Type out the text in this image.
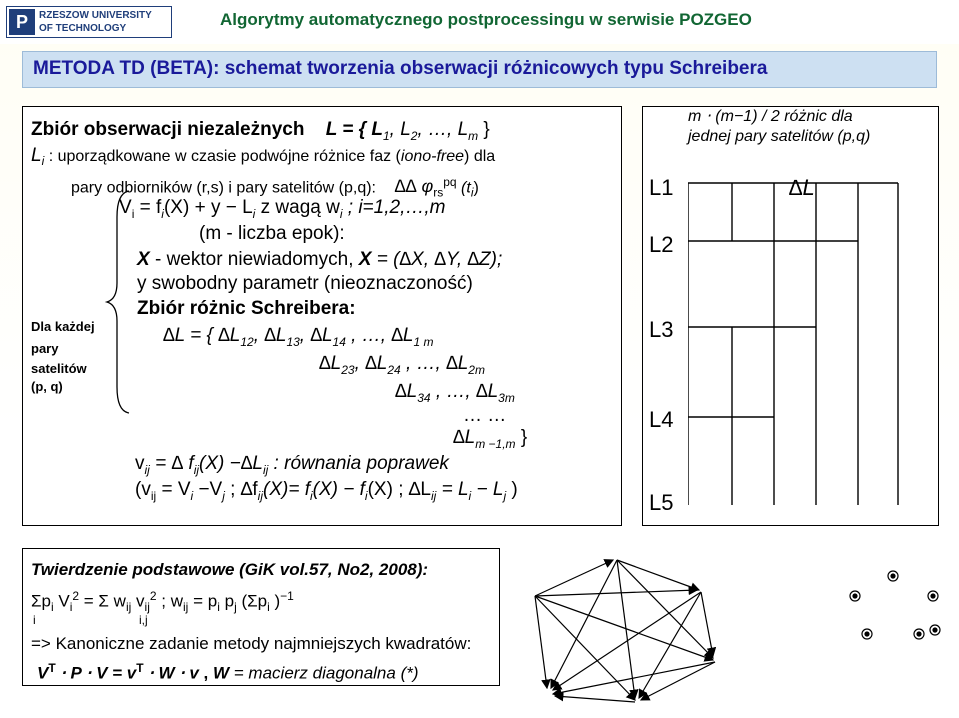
P	RZESZOW UNIVERSITY
OF TECHNOLOGY	Algorytmy automatycznego postprocessingu w serwisie POZGEO
METODA TD (BETA): schemat tworzenia obserwacji różnicowych typu Schreibera
Zbiór obserwacji niezależnych L = { $L_1$, $L_2$, …, $L_m$ }
$L_i$ : uporządkowane w czasie podwójne różnice faz (iono-free) dla
pary odbiorników (r,s) i pary satelitów (p,q): ∆∆ $\varphi_{rs}^{pq}$ $(t_i)$
$V_i = f_i(X) + y - L_i$ z wagą $w_i$ ; i=1,2,…,m
(m - liczba epok):
X - wektor niewiadomych, X = (∆X, ∆Y, ∆Z);
y swobodny parametr (nieoznaczoność)
Zbiór różnic Schreibera:
∆L = { $\Delta L_{12}$, $\Delta L_{13}$, $\Delta L_{14}$ , …, $\Delta L_{1 m}$
$\Delta L_{23}$, $\Delta L_{24}$ , …, $\Delta L_{2m}$
$\Delta L_{34}$ , …, $\Delta L_{3m}$
… …
$\Delta L_{m -1,m}$ }
$v_{ij}$ = ∆ $f_{ij}(X) -\Delta L_{ij}$ : równania poprawek
($v_{ij} = V_i -V_j$ ; $\Delta f_{ij}(X)= f_i(X) - f_i(X)$ ; $\Delta L_{ij} = L_i - L_j$ )
Dla każdej
pary
satelitów
(p, q)
m ⋅ (m−1) / 2 różnic dla
jednej pary satelitów (p,q)
∆L
L1
L2
L3
L4
L5
Twierdzenie podstawowe (GiK vol.57, No2, 2008):
$\Sigma p_i$ $V_i^2 = \Sigma$ $w_{ij}$ $v_{ij}^2$ ; $w_{ij} = p_i$ $p_j$ ($\Sigma p_i$ )$^{-1}$
i	i,j
=> Kanoniczne zadanie metody najmniejszych kwadratów:
$V^T \cdot P \cdot V = v^T \cdot W \cdot v$ , W = macierz diagonalna (*)
